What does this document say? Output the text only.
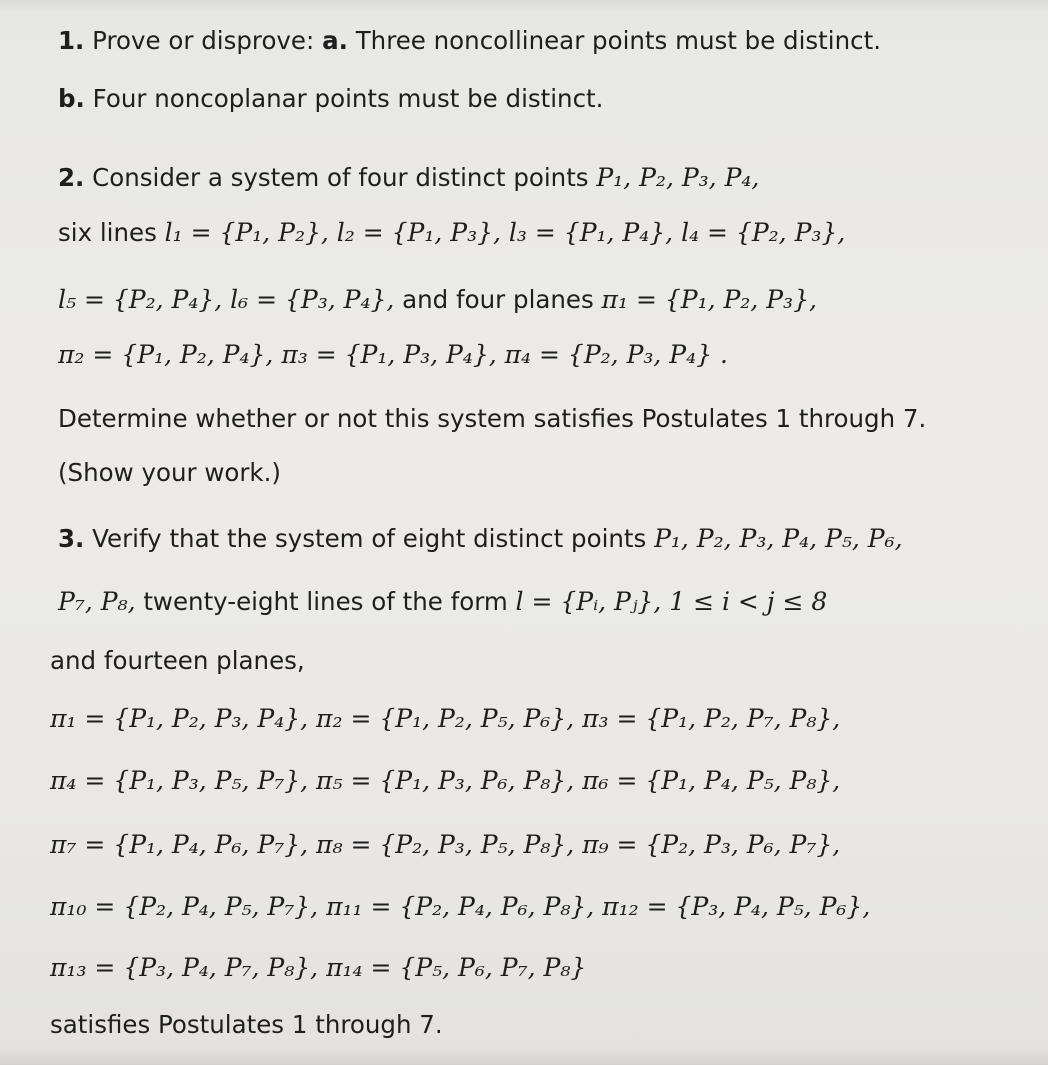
1. Prove or disprove: a. Three noncollinear points must be distinct.
b. Four noncoplanar points must be distinct.
2. Consider a system of four distinct points P₁, P₂, P₃, P₄,
six lines l₁ = {P₁, P₂}, l₂ = {P₁, P₃}, l₃ = {P₁, P₄}, l₄ = {P₂, P₃},
l₅ = {P₂, P₄}, l₆ = {P₃, P₄}, and four planes π₁ = {P₁, P₂, P₃},
π₂ = {P₁, P₂, P₄}, π₃ = {P₁, P₃, P₄}, π₄ = {P₂, P₃, P₄} .
Determine whether or not this system satisfies Postulates 1 through 7.
(Show your work.)
3. Verify that the system of eight distinct points P₁, P₂, P₃, P₄, P₅, P₆,
P₇, P₈, twenty-eight lines of the form l = {Pᵢ, Pⱼ}, 1 ≤ i < j ≤ 8
and fourteen planes,
π₁ = {P₁, P₂, P₃, P₄}, π₂ = {P₁, P₂, P₅, P₆}, π₃ = {P₁, P₂, P₇, P₈},
π₄ = {P₁, P₃, P₅, P₇}, π₅ = {P₁, P₃, P₆, P₈}, π₆ = {P₁, P₄, P₅, P₈},
π₇ = {P₁, P₄, P₆, P₇}, π₈ = {P₂, P₃, P₅, P₈}, π₉ = {P₂, P₃, P₆, P₇},
π₁₀ = {P₂, P₄, P₅, P₇}, π₁₁ = {P₂, P₄, P₆, P₈}, π₁₂ = {P₃, P₄, P₅, P₆},
π₁₃ = {P₃, P₄, P₇, P₈}, π₁₄ = {P₅, P₆, P₇, P₈}
satisfies Postulates 1 through 7.
